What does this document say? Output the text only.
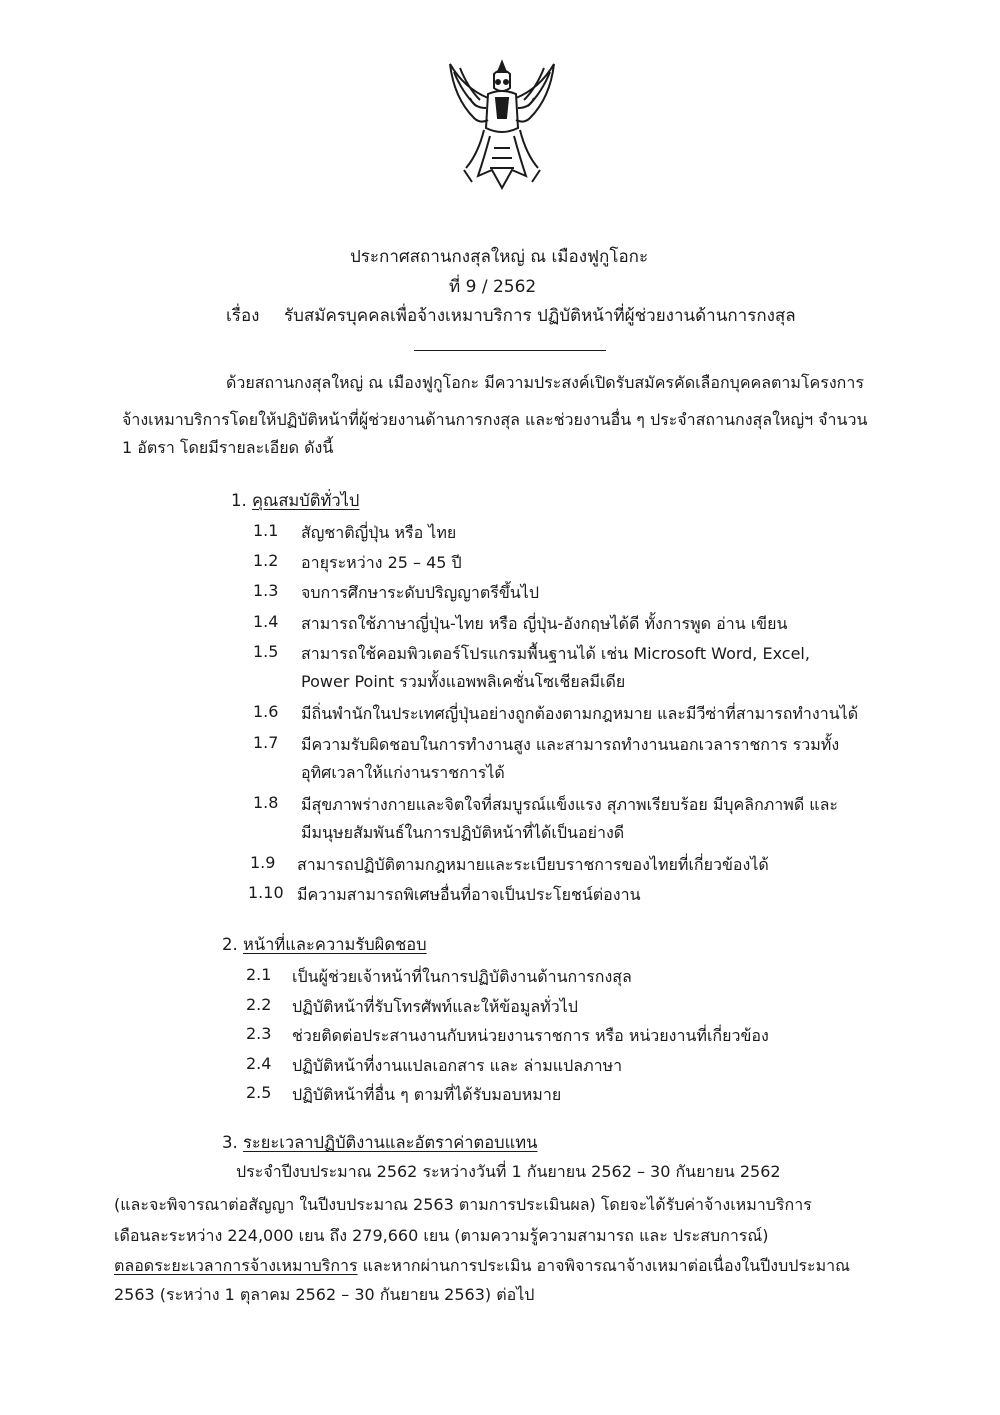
ประกาศสถานกงสุลใหญ่ ณ เมืองฟูกูโอกะ
ที่ 9 / 2562
เรื่อง รับสมัครบุคคลเพื่อจ้างเหมาบริการ ปฏิบัติหน้าที่ผู้ช่วยงานด้านการกงสุล
ด้วยสถานกงสุลใหญ่ ณ เมืองฟูกูโอกะ มีความประสงค์เปิดรับสมัครคัดเลือกบุคคลตามโครงการ
จ้างเหมาบริการโดยให้ปฏิบัติหน้าที่ผู้ช่วยงานด้านการกงสุล และช่วยงานอื่น ๆ ประจำสถานกงสุลใหญ่ฯ จำนวน
1 อัตรา โดยมีรายละเอียด ดังนี้
1. คุณสมบัติทั่วไป
1.1 สัญชาติญี่ปุ่น หรือ ไทย
1.2 อายุระหว่าง 25 – 45 ปี
1.3 จบการศึกษาระดับปริญญาตรีขึ้นไป
1.4 สามารถใช้ภาษาญี่ปุ่น-ไทย หรือ ญี่ปุ่น-อังกฤษได้ดี ทั้งการพูด อ่าน เขียน
1.5 สามารถใช้คอมพิวเตอร์โปรแกรมพื้นฐานได้ เช่น Microsoft Word, Excel,
Power Point รวมทั้งแอพพลิเคชั่นโซเชียลมีเดีย
1.6 มีถิ่นพำนักในประเทศญี่ปุ่นอย่างถูกต้องตามกฎหมาย และมีวีซ่าที่สามารถทำงานได้
1.7 มีความรับผิดชอบในการทำงานสูง และสามารถทำงานนอกเวลาราชการ รวมทั้ง
อุทิศเวลาให้แก่งานราชการได้
1.8 มีสุขภาพร่างกายและจิตใจที่สมบูรณ์แข็งแรง สุภาพเรียบร้อย มีบุคลิกภาพดี และ
มีมนุษยสัมพันธ์ในการปฏิบัติหน้าที่ได้เป็นอย่างดี
1.9 สามารถปฏิบัติตามกฎหมายและระเบียบราชการของไทยที่เกี่ยวข้องได้
1.10 มีความสามารถพิเศษอื่นที่อาจเป็นประโยชน์ต่องาน
2. หน้าที่และความรับผิดชอบ
2.1 เป็นผู้ช่วยเจ้าหน้าที่ในการปฏิบัติงานด้านการกงสุล
2.2 ปฏิบัติหน้าที่รับโทรศัพท์และให้ข้อมูลทั่วไป
2.3 ช่วยติดต่อประสานงานกับหน่วยงานราชการ หรือ หน่วยงานที่เกี่ยวข้อง
2.4 ปฏิบัติหน้าที่งานแปลเอกสาร และ ล่ามแปลภาษา
2.5 ปฏิบัติหน้าที่อื่น ๆ ตามที่ได้รับมอบหมาย
3. ระยะเวลาปฏิบัติงานและอัตราค่าตอบแทน
ประจำปีงบประมาณ 2562 ระหว่างวันที่ 1 กันยายน 2562 – 30 กันยายน 2562
(และจะพิจารณาต่อสัญญา ในปีงบประมาณ 2563 ตามการประเมินผล) โดยจะได้รับค่าจ้างเหมาบริการ
เดือนละระหว่าง 224,000 เยน ถึง 279,660 เยน (ตามความรู้ความสามารถ และ ประสบการณ์)
ตลอดระยะเวลาการจ้างเหมาบริการ และหากผ่านการประเมิน อาจพิจารณาจ้างเหมาต่อเนื่องในปีงบประมาณ
2563 (ระหว่าง 1 ตุลาคม 2562 – 30 กันยายน 2563) ต่อไป
